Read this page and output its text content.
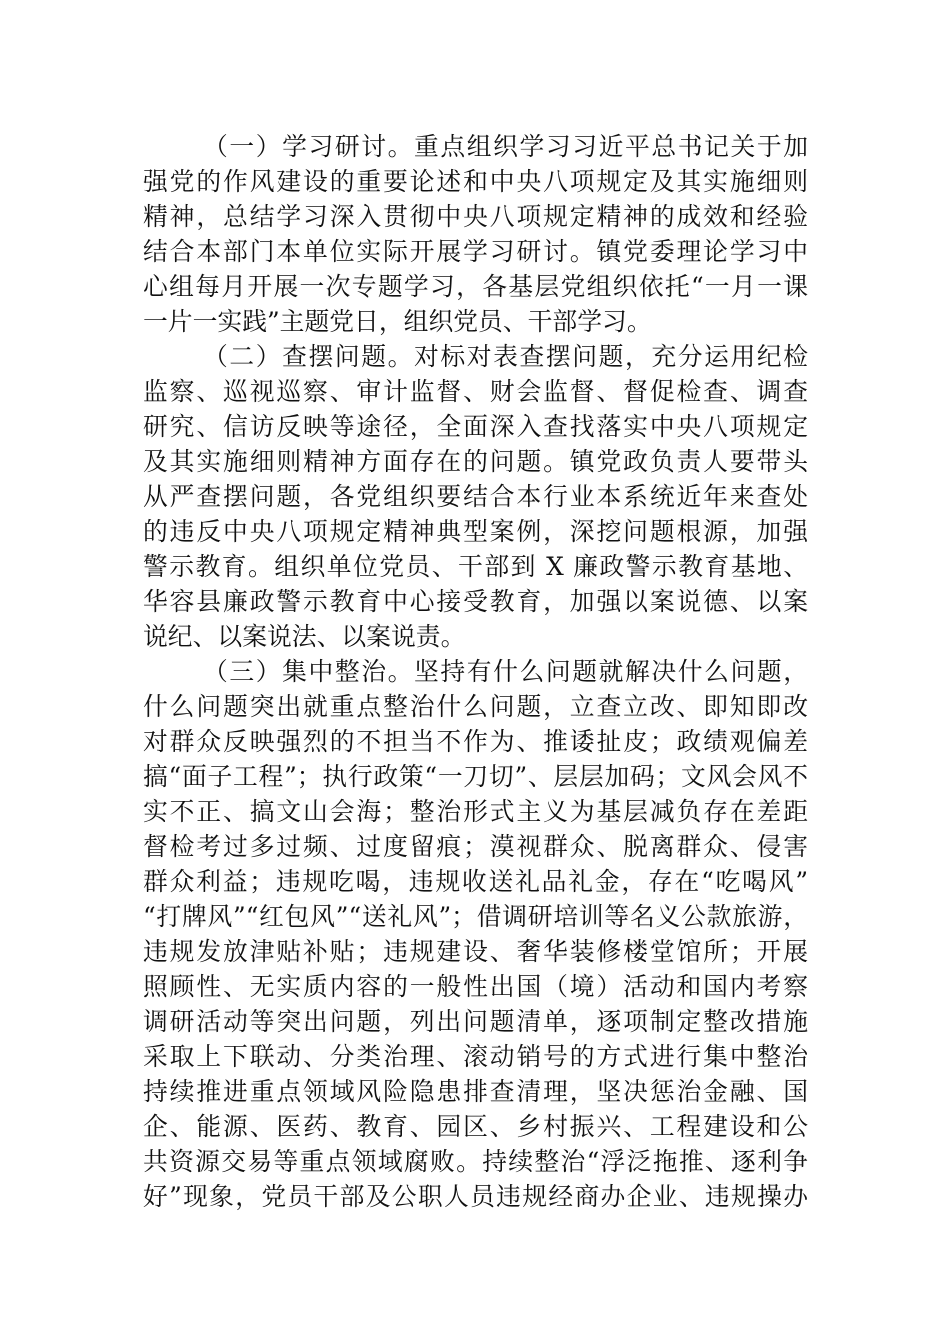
（一）学习研讨。重点组织学习习近平总书记关于加
强党的作风建设的重要论述和中央八项规定及其实施细则
精神，总结学习深入贯彻中央八项规定精神的成效和经验
结合本部门本单位实际开展学习研讨。镇党委理论学习中
心组每月开展一次专题学习，各基层党组织依托“一月一课
一片一实践”主题党日，组织党员、干部学习。
（二）查摆问题。对标对表查摆问题，充分运用纪检
监察、巡视巡察、审计监督、财会监督、督促检查、调查
研究、信访反映等途径，全面深入查找落实中央八项规定
及其实施细则精神方面存在的问题。镇党政负责人要带头
从严查摆问题，各党组织要结合本行业本系统近年来查处
的违反中央八项规定精神典型案例，深挖问题根源，加强
警示教育。组织单位党员、干部到 X 廉政警示教育基地、
华容县廉政警示教育中心接受教育，加强以案说德、以案
说纪、以案说法、以案说责。
（三）集中整治。坚持有什么问题就解决什么问题，
什么问题突出就重点整治什么问题，立查立改、即知即改
对群众反映强烈的不担当不作为、推诿扯皮；政绩观偏差
搞“面子工程”；执行政策“一刀切”、层层加码；文风会风不
实不正、搞文山会海；整治形式主义为基层减负存在差距
督检考过多过频、过度留痕；漠视群众、脱离群众、侵害
群众利益；违规吃喝，违规收送礼品礼金，存在“吃喝风”
“打牌风”“红包风”“送礼风”；借调研培训等名义公款旅游，
违规发放津贴补贴；违规建设、奢华装修楼堂馆所；开展
照顾性、无实质内容的一般性出国（境）活动和国内考察
调研活动等突出问题，列出问题清单，逐项制定整改措施
采取上下联动、分类治理、滚动销号的方式进行集中整治
持续推进重点领域风险隐患排查清理，坚决惩治金融、国
企、能源、医药、教育、园区、乡村振兴、工程建设和公
共资源交易等重点领域腐败。持续整治“浮泛拖推、逐利争
好”现象，党员干部及公职人员违规经商办企业、违规操办
